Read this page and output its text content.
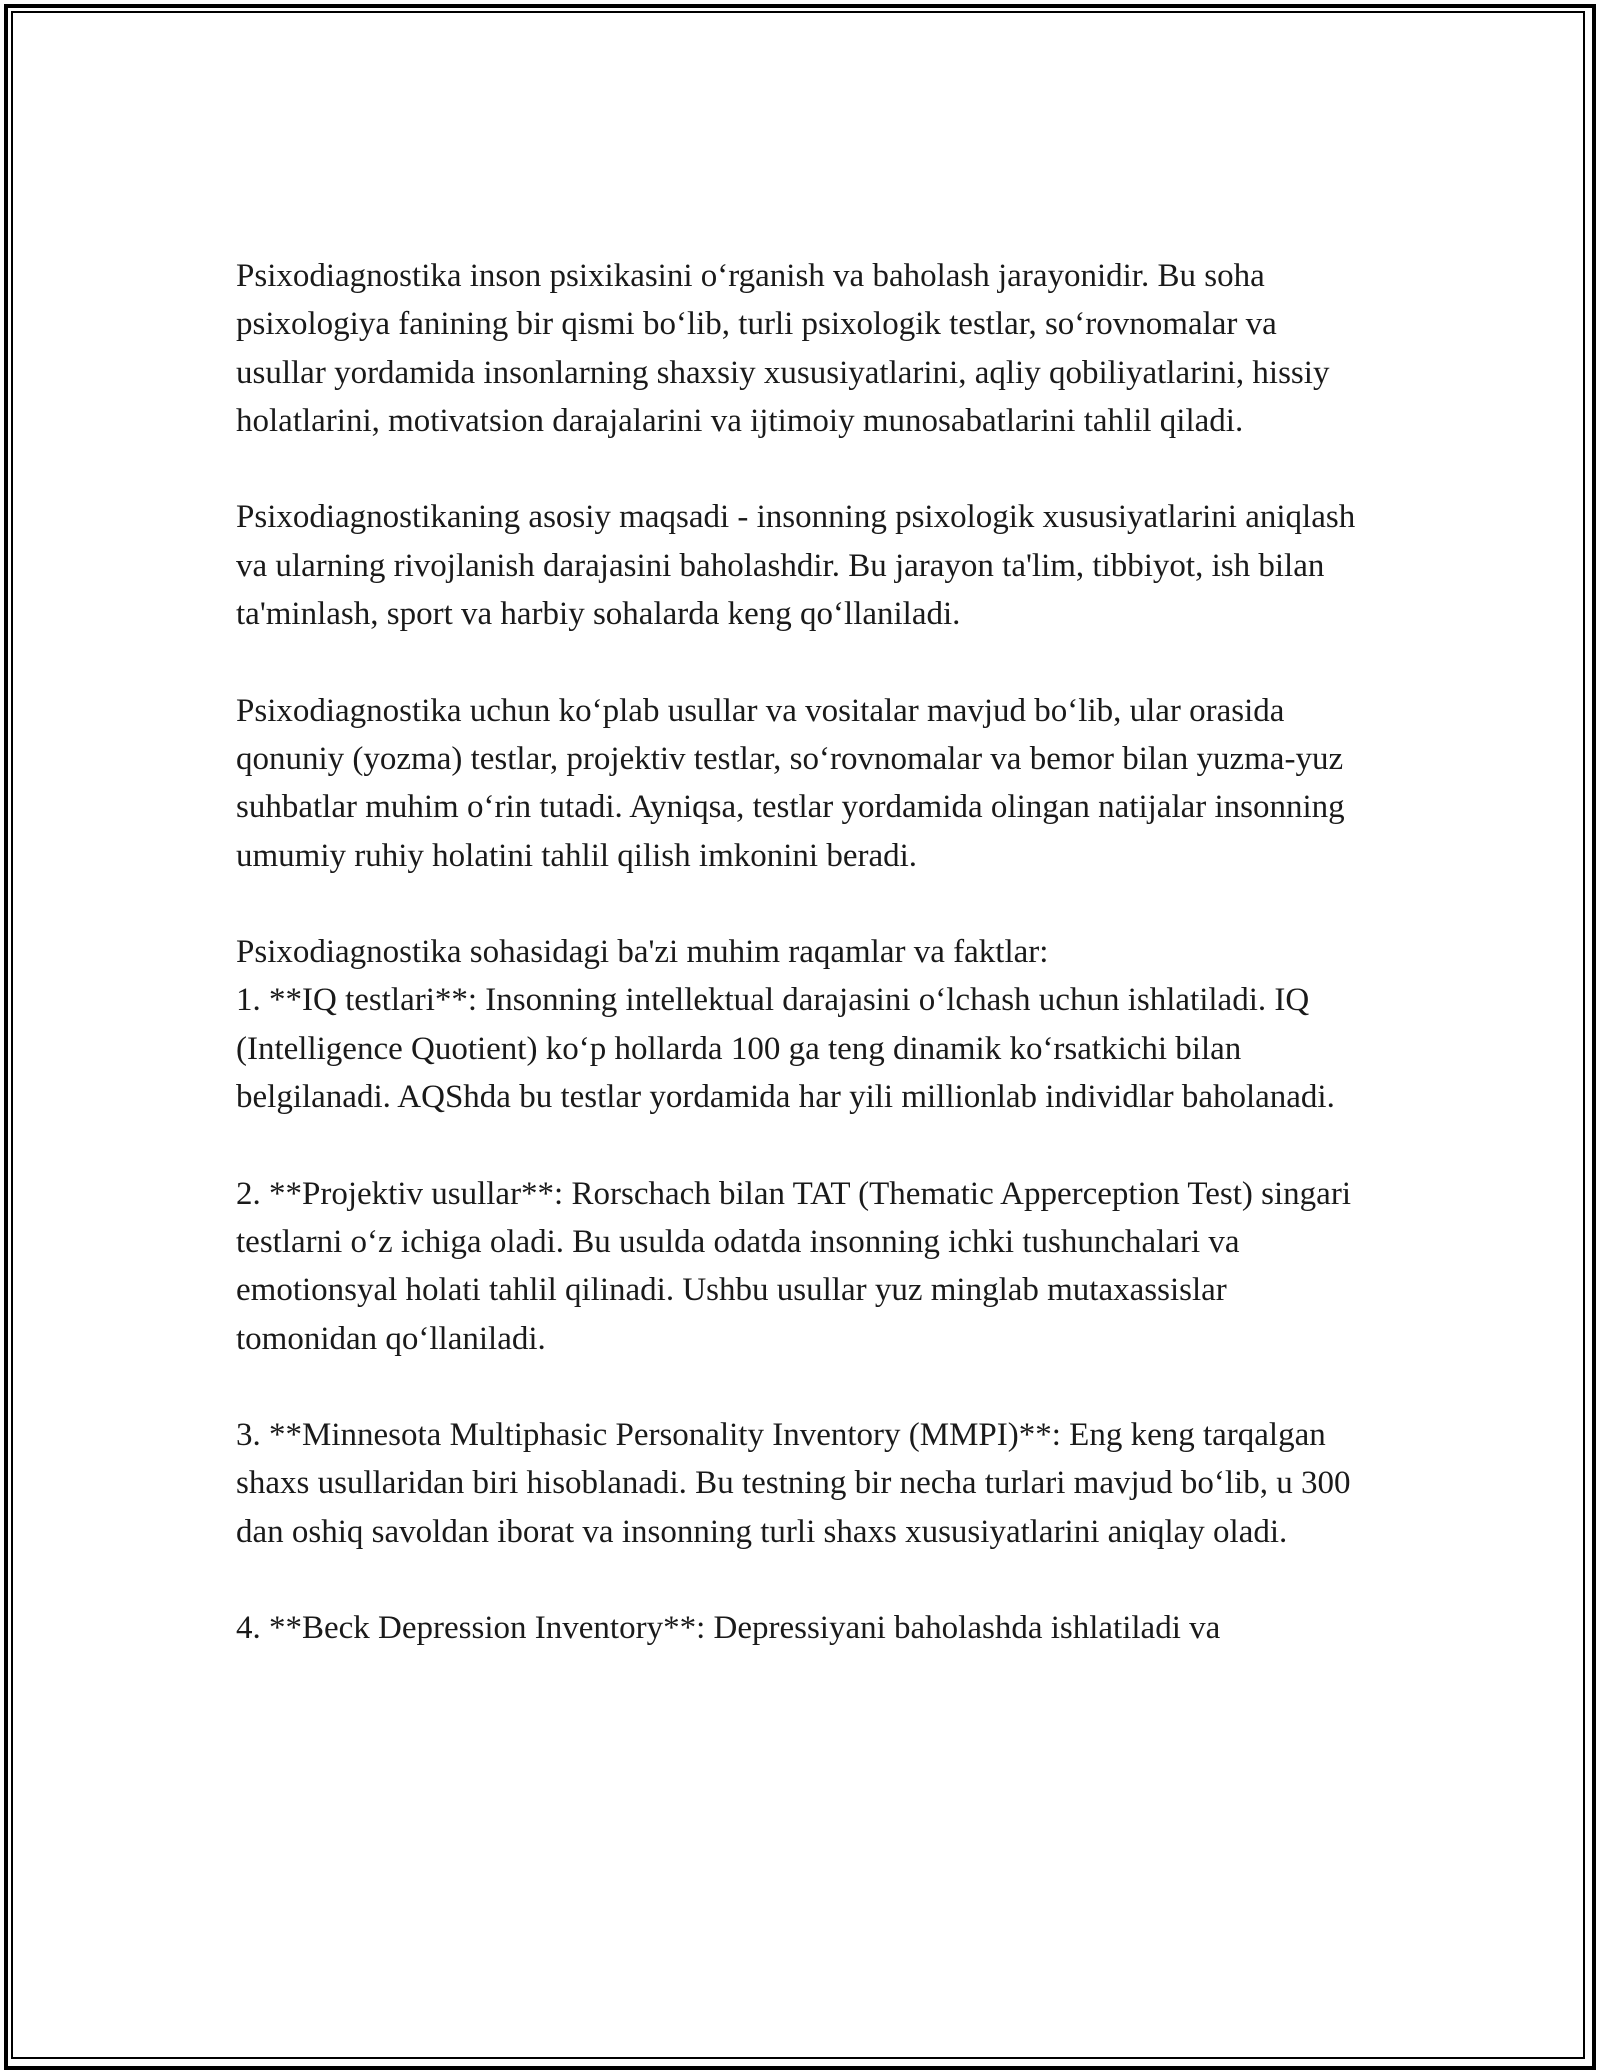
Psixodiagnostika inson psixikasini o‘rganish va baholash jarayonidir. Bu soha psixologiya fanining bir qismi bo‘lib, turli psixologik testlar, so‘rovnomalar va usullar yordamida insonlarning shaxsiy xususiyatlarini, aqliy qobiliyatlarini, hissiy holatlarini, motivatsion darajalarini va ijtimoiy munosabatlarini tahlil qiladi.

Psixodiagnostikaning asosiy maqsadi - insonning psixologik xususiyatlarini aniqlash va ularning rivojlanish darajasini baholashdir. Bu jarayon ta'lim, tibbiyot, ish bilan ta'minlash, sport va harbiy sohalarda keng qo‘llaniladi.

Psixodiagnostika uchun ko‘plab usullar va vositalar mavjud bo‘lib, ular orasida qonuniy (yozma) testlar, projektiv testlar, so‘rovnomalar va bemor bilan yuzma-yuz suhbatlar muhim o‘rin tutadi. Ayniqsa, testlar yordamida olingan natijalar insonning umumiy ruhiy holatini tahlil qilish imkonini beradi.

Psixodiagnostika sohasidagi ba'zi muhim raqamlar va faktlar:

1. **IQ testlari**: Insonning intellektual darajasini o‘lchash uchun ishlatiladi. IQ (Intelligence Quotient) ko‘p hollarda 100 ga teng dinamik ko‘rsatkichi bilan belgilanadi. AQShda bu testlar yordamida har yili millionlab individlar baholanadi.

2. **Projektiv usullar**: Rorschach bilan TAT (Thematic Apperception Test) singari testlarni o‘z ichiga oladi. Bu usulda odatda insonning ichki tushunchalari va emotionsyal holati tahlil qilinadi. Ushbu usullar yuz minglab mutaxassislar tomonidan qo‘llaniladi.

3. **Minnesota Multiphasic Personality Inventory (MMPI)**: Eng keng tarqalgan shaxs usullaridan biri hisoblanadi. Bu testning bir necha turlari mavjud bo‘lib, u 300 dan oshiq savoldan iborat va insonning turli shaxs xususiyatlarini aniqlay oladi.

4. **Beck Depression Inventory**: Depressiyani baholashda ishlatiladi va
